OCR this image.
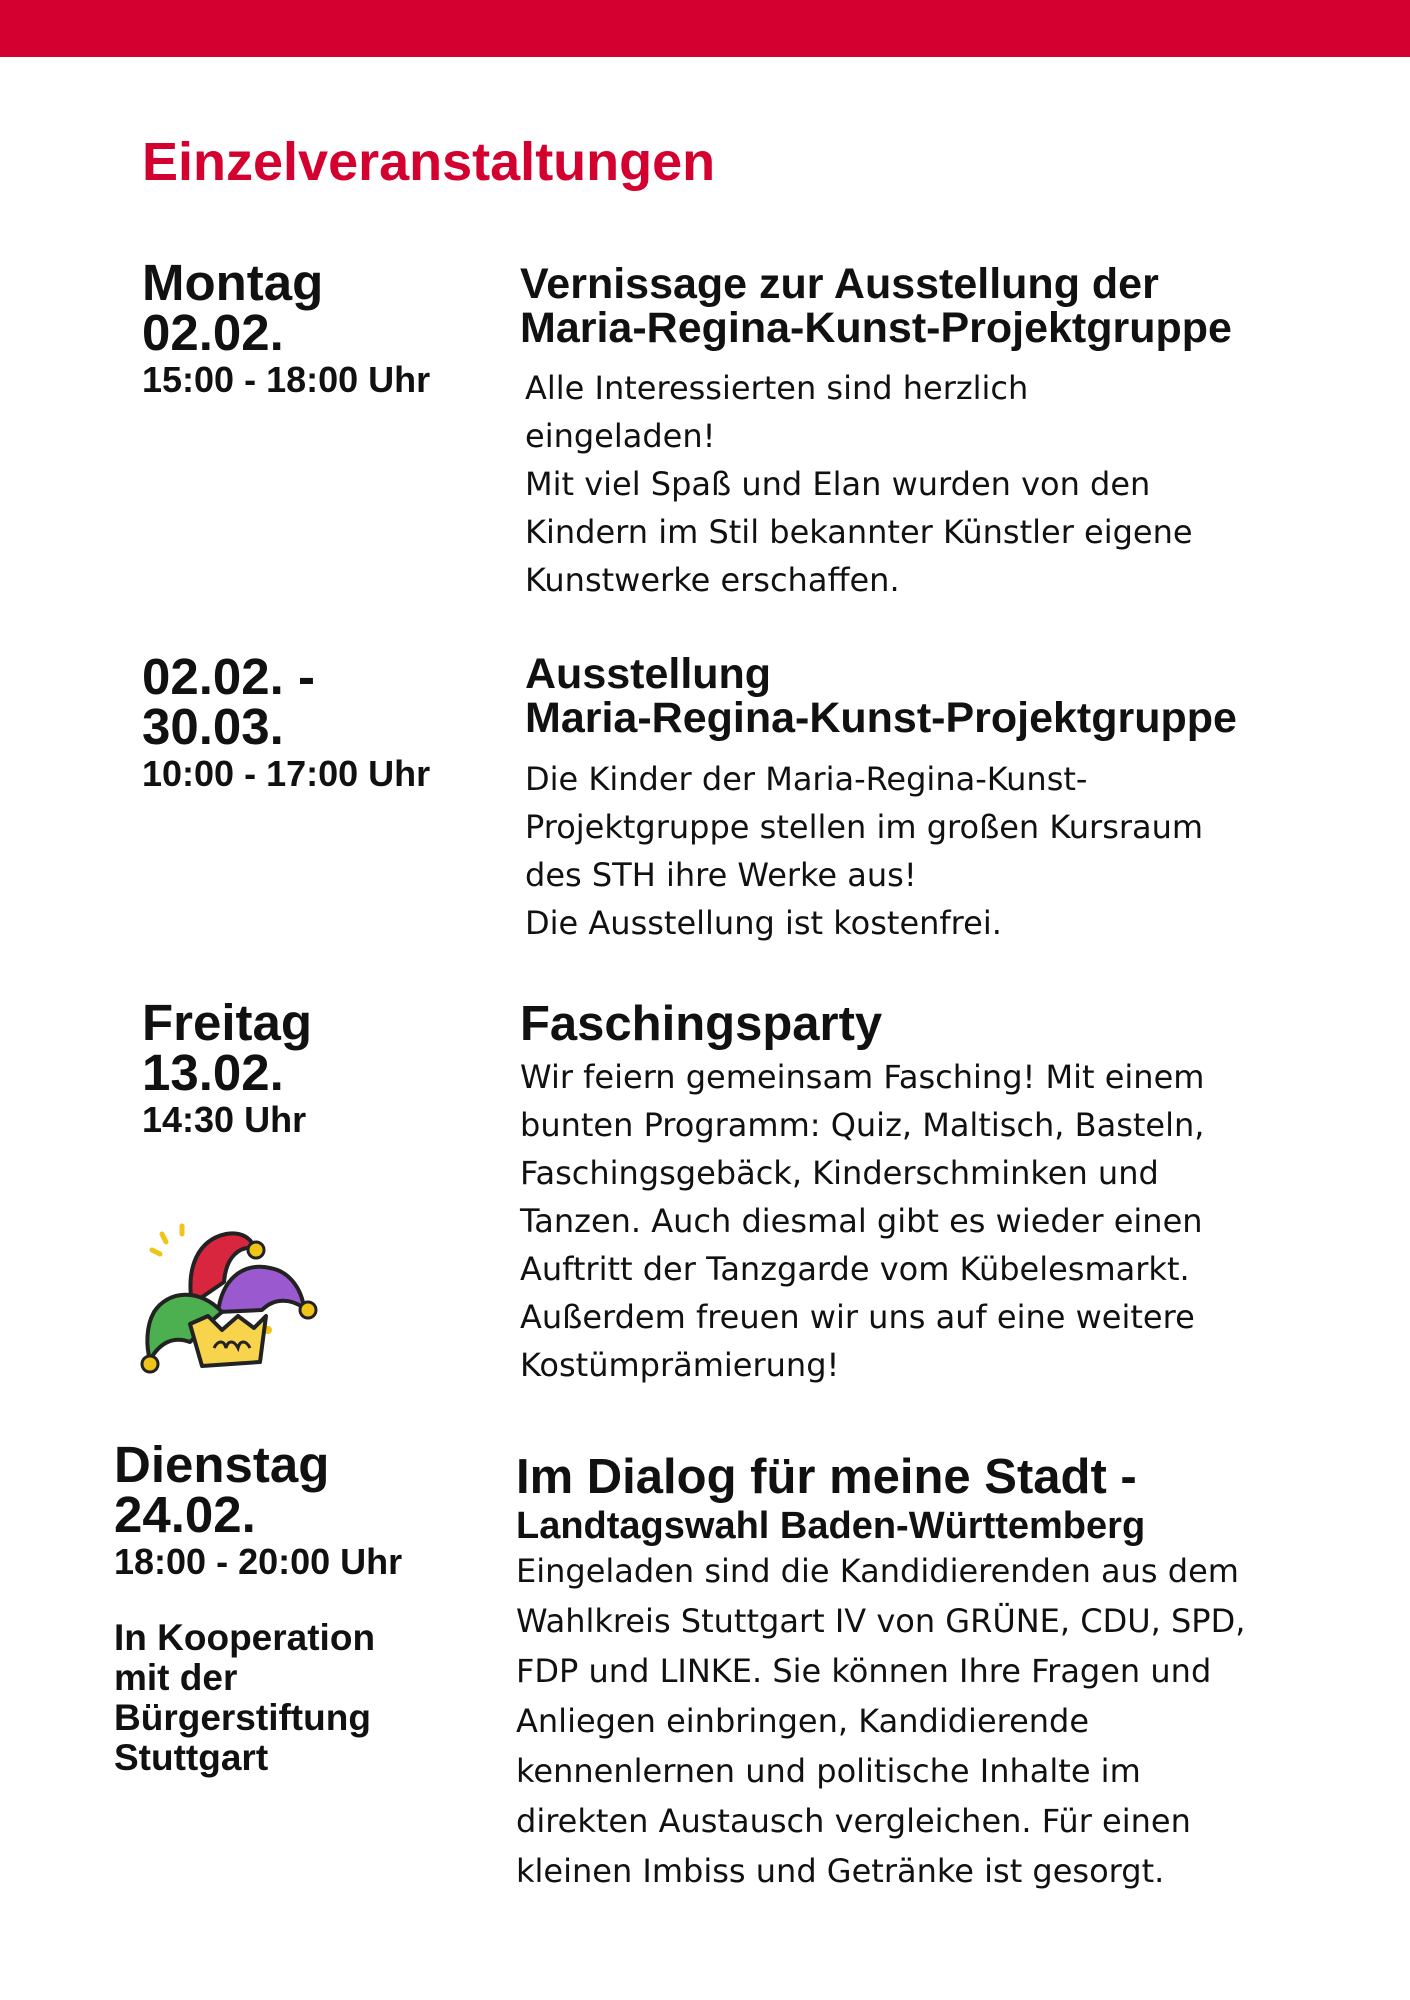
Einzelveranstaltungen
Montag
02.02.
15:00 - 18:00 Uhr
Vernissage zur Ausstellung der
Maria-Regina-Kunst-Projektgruppe
Alle Interessierten sind herzlich
eingeladen!
Mit viel Spaß und Elan wurden von den
Kindern im Stil bekannter Künstler eigene
Kunstwerke erschaffen.
02.02. -
30.03.
10:00 - 17:00 Uhr
Ausstellung
Maria-Regina-Kunst-Projektgruppe
Die Kinder der Maria-Regina-Kunst-
Projektgruppe stellen im großen Kursraum
des STH ihre Werke aus!
Die Ausstellung ist kostenfrei.
Freitag
13.02.
14:30 Uhr
Faschingsparty
Wir feiern gemeinsam Fasching! Mit einem
bunten Programm: Quiz, Maltisch, Basteln,
Faschingsgebäck, Kinderschminken und
Tanzen. Auch diesmal gibt es wieder einen
Auftritt der Tanzgarde vom Kübelesmarkt.
Außerdem freuen wir uns auf eine weitere
Kostümprämierung!
Dienstag
24.02.
18:00 - 20:00 Uhr
In Kooperation
mit der
Bürgerstiftung
Stuttgart
Im Dialog für meine Stadt -
Landtagswahl Baden-Württemberg
Eingeladen sind die Kandidierenden aus dem
Wahlkreis Stuttgart IV von GRÜNE, CDU, SPD,
FDP und LINKE. Sie können Ihre Fragen und
Anliegen einbringen, Kandidierende
kennenlernen und politische Inhalte im
direkten Austausch vergleichen. Für einen
kleinen Imbiss und Getränke ist gesorgt.
